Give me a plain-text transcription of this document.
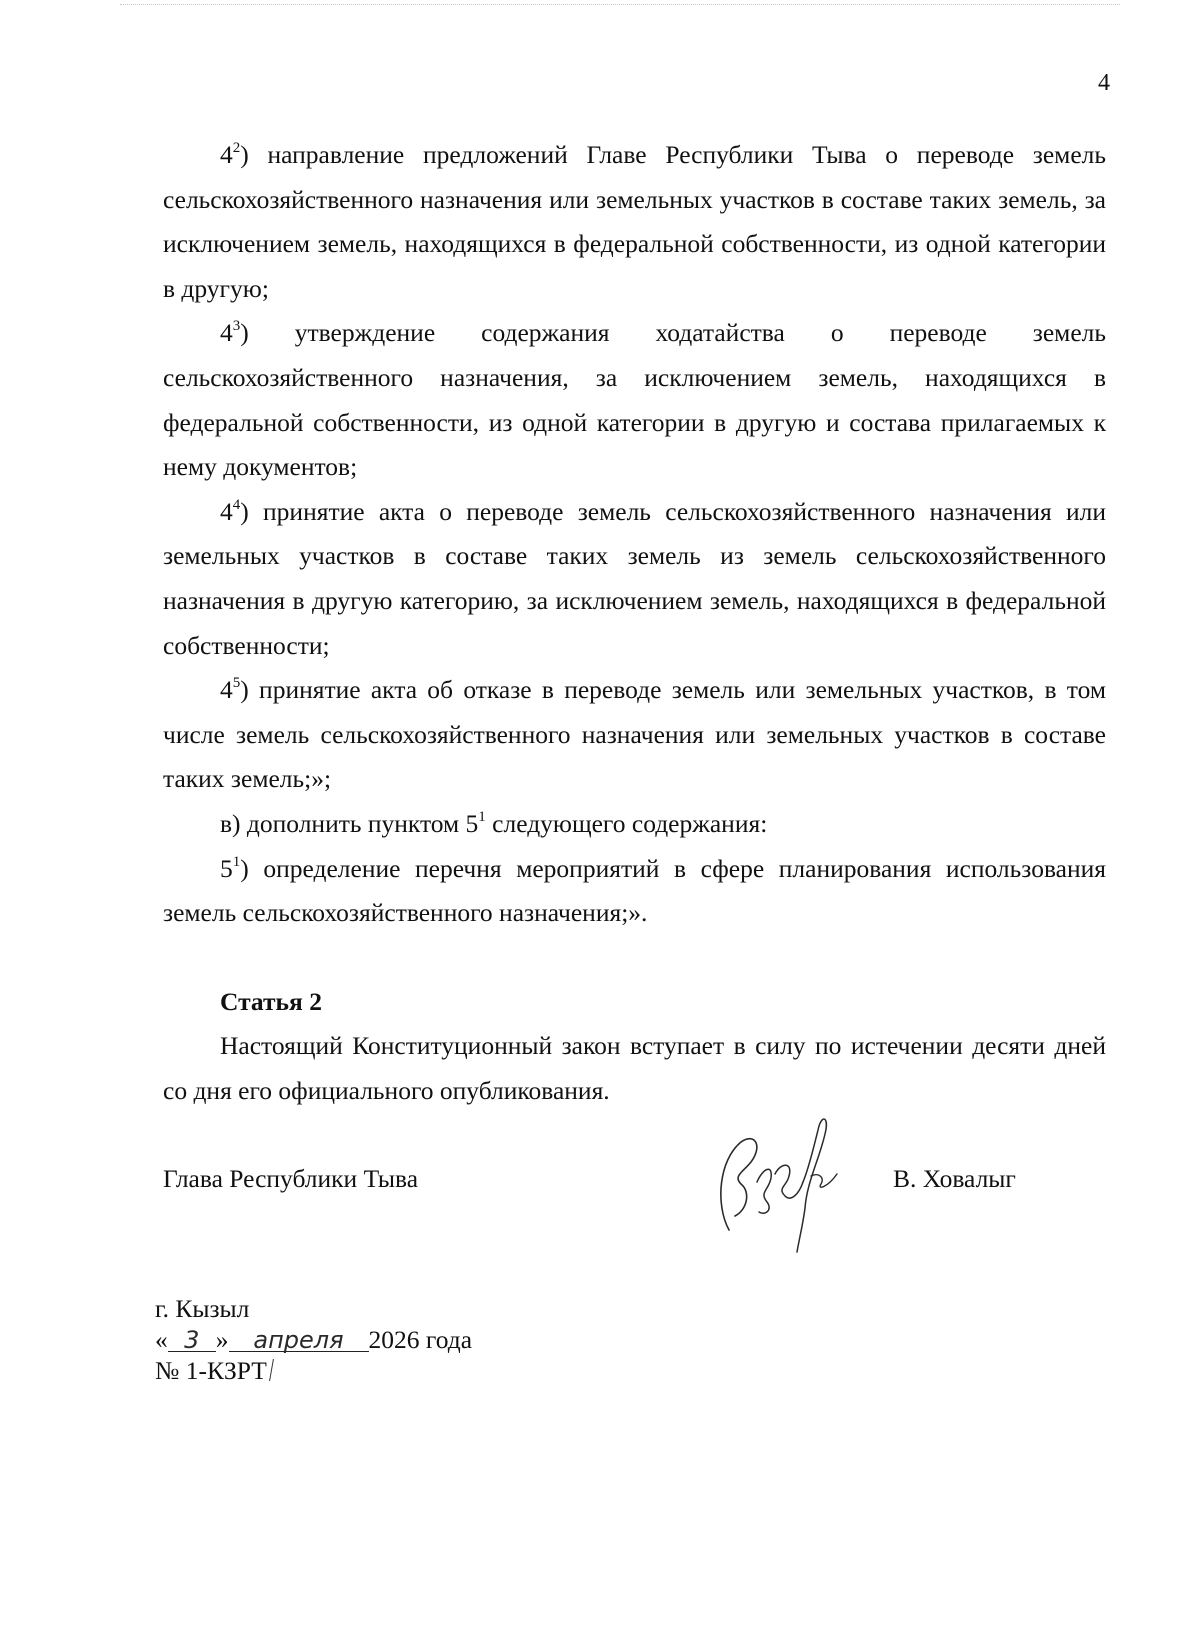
4

$4^2$) направление предложений Главе Республики Тыва о переводе земель сельскохозяйственного назначения или земельных участков в составе таких земель, за исключением земель, находящихся в федеральной собственности, из одной категории в другую;

$4^3$) утверждение содержания ходатайства о переводе земель сельскохозяйственного назначения, за исключением земель, находящихся в федеральной собственности, из одной категории в другую и состава прилагаемых к нему документов;

$4^4$) принятие акта о переводе земель сельскохозяйственного назначения или земельных участков в составе таких земель из земель сельскохозяйственного назначения в другую категорию, за исключением земель, находящихся в федеральной собственности;

$4^5$) принятие акта об отказе в переводе земель или земельных участков, в том числе земель сельскохозяйственного назначения или земельных участков в составе таких земель;»;

в) дополнить пунктом $5^1$ следующего содержания:

$5^1$) определение перечня мероприятий в сфере планирования использования земель сельскохозяйственного назначения;».

Статья 2

Настоящий Конституционный закон вступает в силу по истечении десяти дней со дня его официального опубликования.

Глава Республики Тыва	В. Ховалыг
г. Кызыл
« 3 » апреля 2026 года
№ 1-КЗРТ
